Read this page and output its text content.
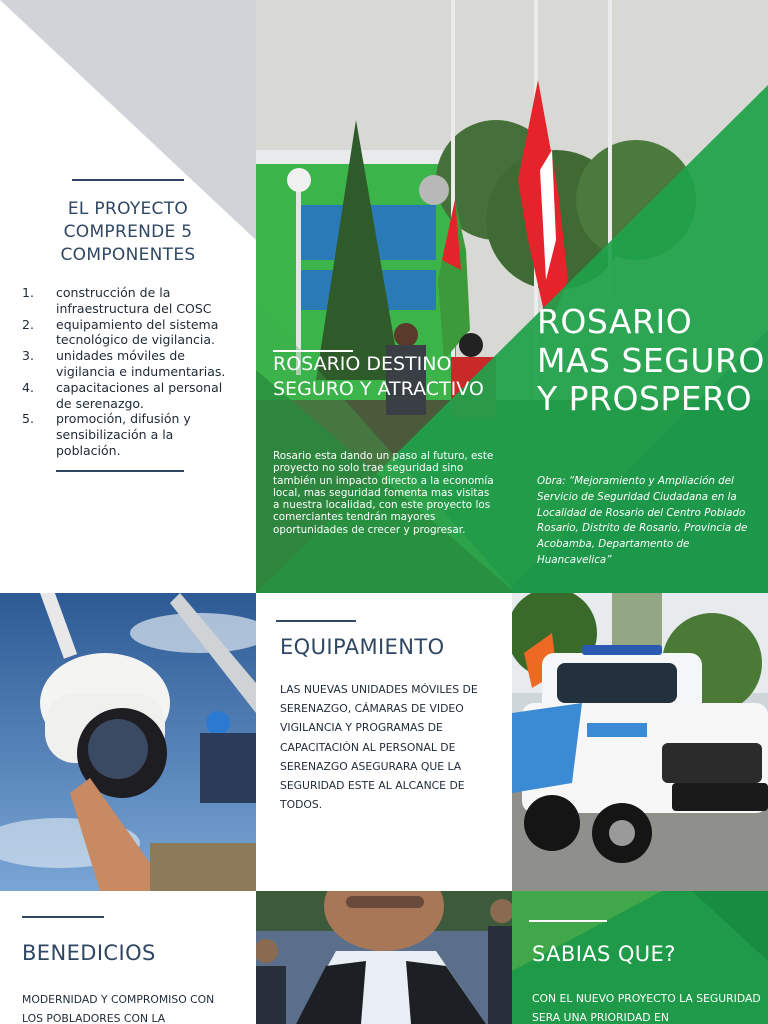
EL PROYECTO COMPRENDE 5 COMPONENTES
1.	construcción de la infraestructura del COSC
2.	equipamiento del sistema tecnológico de vigilancia.
3.	unidades móviles de vigilancia e indumentarias.
4.	capacitaciones al personal de serenazgo.
5.	promoción, difusión y sensibilización a la población.
ROSARIO DESTINO SEGURO Y ATRACTIVO
Rosario esta dando un paso al futuro, este proyecto no solo trae seguridad sino también un impacto directo a la economía local, mas seguridad fomenta mas visitas a nuestra localidad, con este proyecto los comerciantes tendrán mayores oportunidades de crecer y progresar.
ROSARIO MAS SEGURO Y PROSPERO
Obra: “Mejoramiento y Ampliación del Servicio de Seguridad Ciudadana en la Localidad de Rosario del Centro Poblado Rosario, Distrito de Rosario, Provincia de Acobamba, Departamento de Huancavelica”
EQUIPAMIENTO
LAS NUEVAS UNIDADES MÓVILES DE SERENAZGO, CÁMARAS DE VIDEO VIGILANCIA Y PROGRAMAS DE CAPACITACIÓN AL PERSONAL DE SERENAZGO ASEGURARA QUE LA SEGURIDAD ESTE AL ALCANCE DE TODOS.
BENEDICIOS
MODERNIDAD Y COMPROMISO CON LOS POBLADORES CON LA
SABIAS QUE?
CON EL NUEVO PROYECTO LA SEGURIDAD SERA UNA PRIORIDAD EN
